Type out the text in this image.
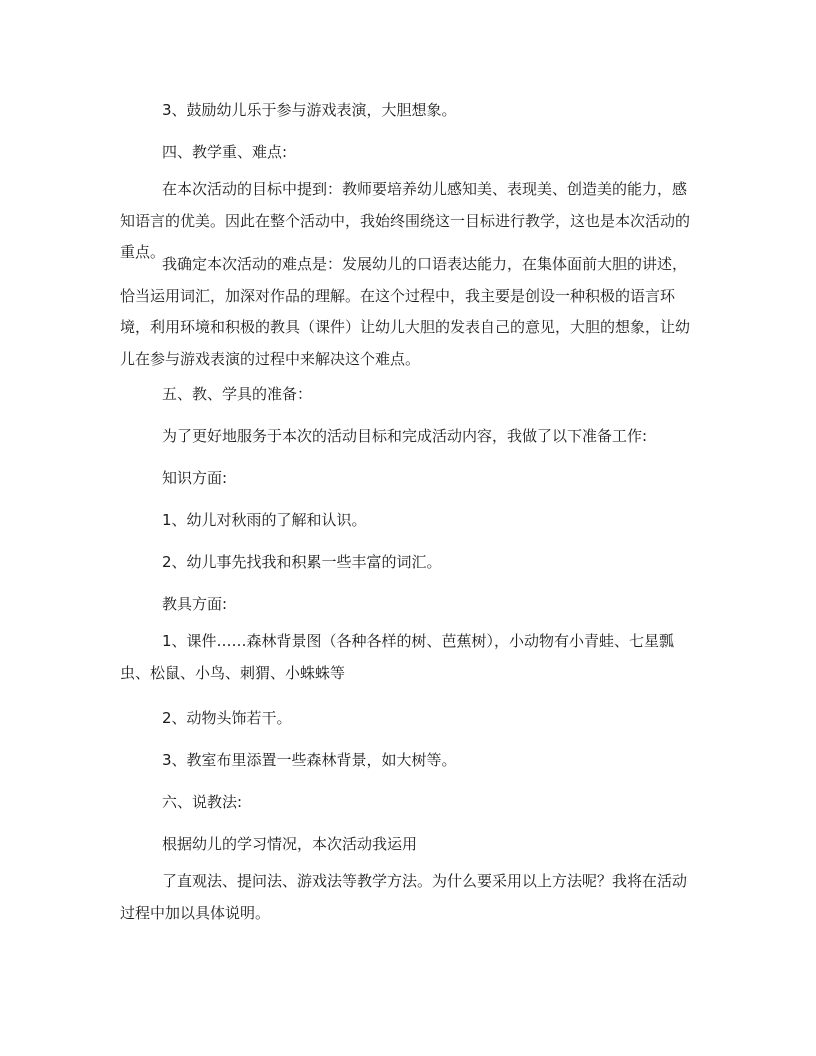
3、鼓励幼儿乐于参与游戏表演，大胆想象。

四、教学重、难点:

在本次活动的目标中提到：教师要培养幼儿感知美、表现美、创造美的能力，感知语言的优美。因此在整个活动中，我始终围绕这一目标进行教学，这也是本次活动的重点。

我确定本次活动的难点是：发展幼儿的口语表达能力，在集体面前大胆的讲述，恰当运用词汇，加深对作品的理解。在这个过程中，我主要是创设一种积极的语言环境，利用环境和积极的教具（课件）让幼儿大胆的发表自己的意见，大胆的想象，让幼儿在参与游戏表演的过程中来解决这个难点。

五、教、学具的准备：

为了更好地服务于本次的活动目标和完成活动内容，我做了以下准备工作:

知识方面:

1、幼儿对秋雨的了解和认识。

2、幼儿事先找我和积累一些丰富的词汇。

教具方面:

1、课件……森林背景图（各种各样的树、芭蕉树），小动物有小青蛙、七星瓢虫、松鼠、小鸟、刺猬、小蛛蛛等

2、动物头饰若干。

3、教室布里添置一些森林背景，如大树等。

六、说教法:

根据幼儿的学习情况，本次活动我运用

了直观法、提问法、游戏法等教学方法。为什么要采用以上方法呢？我将在活动过程中加以具体说明。
